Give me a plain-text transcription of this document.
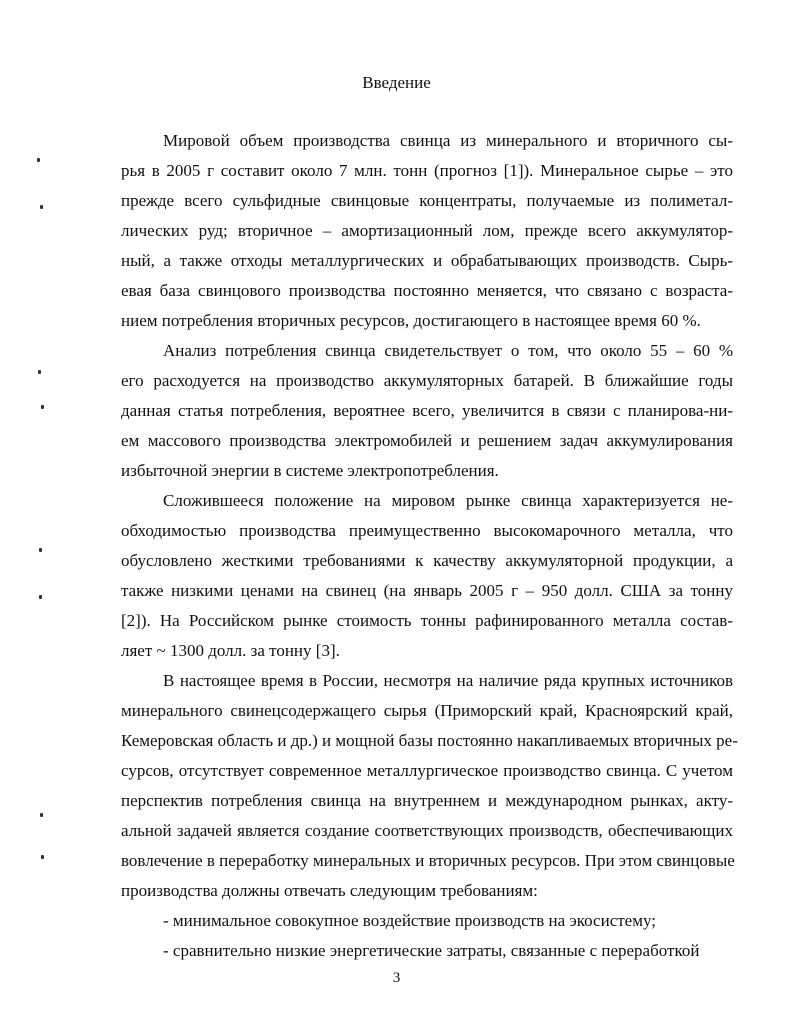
Введение
Мировой объем производства свинца из минерального и вторичного сы-
рья в 2005 г составит около 7 млн. тонн (прогноз [1]). Минеральное сырье – это
прежде всего сульфидные свинцовые концентраты, получаемые из полиметал-
лических руд; вторичное – амортизационный лом, прежде всего аккумулятор-
ный, а также отходы металлургических и обрабатывающих производств. Сырь-
евая база свинцового производства постоянно меняется, что связано с возраста-
нием потребления вторичных ресурсов, достигающего в настоящее время 60 %.
Анализ потребления свинца свидетельствует о том, что около 55 – 60 %
его расходуется на производство аккумуляторных батарей. В ближайшие годы
данная статья потребления, вероятнее всего, увеличится в связи с планирова-ни-
ем массового производства электромобилей и решением задач аккумулирования
избыточной энергии в системе электропотребления.
Сложившееся положение на мировом рынке свинца характеризуется не-
обходимостью производства преимущественно высокомарочного металла, что
обусловлено жесткими требованиями к качеству аккумуляторной продукции, а
также низкими ценами на свинец (на январь 2005 г – 950 долл. США за тонну
[2]). На Российском рынке стоимость тонны рафинированного металла состав-
ляет ~ 1300 долл. за тонну [3].
В настоящее время в России, несмотря на наличие ряда крупных источников
минерального свинецсодержащего сырья (Приморский край, Красноярский край,
Кемеровская область и др.) и мощной базы постоянно накапливаемых вторичных ре-
сурсов, отсутствует современное металлургическое производство свинца. С учетом
перспектив потребления свинца на внутреннем и международном рынках, акту-
альной задачей является создание соответствующих производств, обеспечивающих
вовлечение в переработку минеральных и вторичных ресурсов. При этом свинцовые
производства должны отвечать следующим требованиям:
- минимальное совокупное воздействие производств на экосистему;
- сравнительно низкие энергетические затраты, связанные с переработкой
3
